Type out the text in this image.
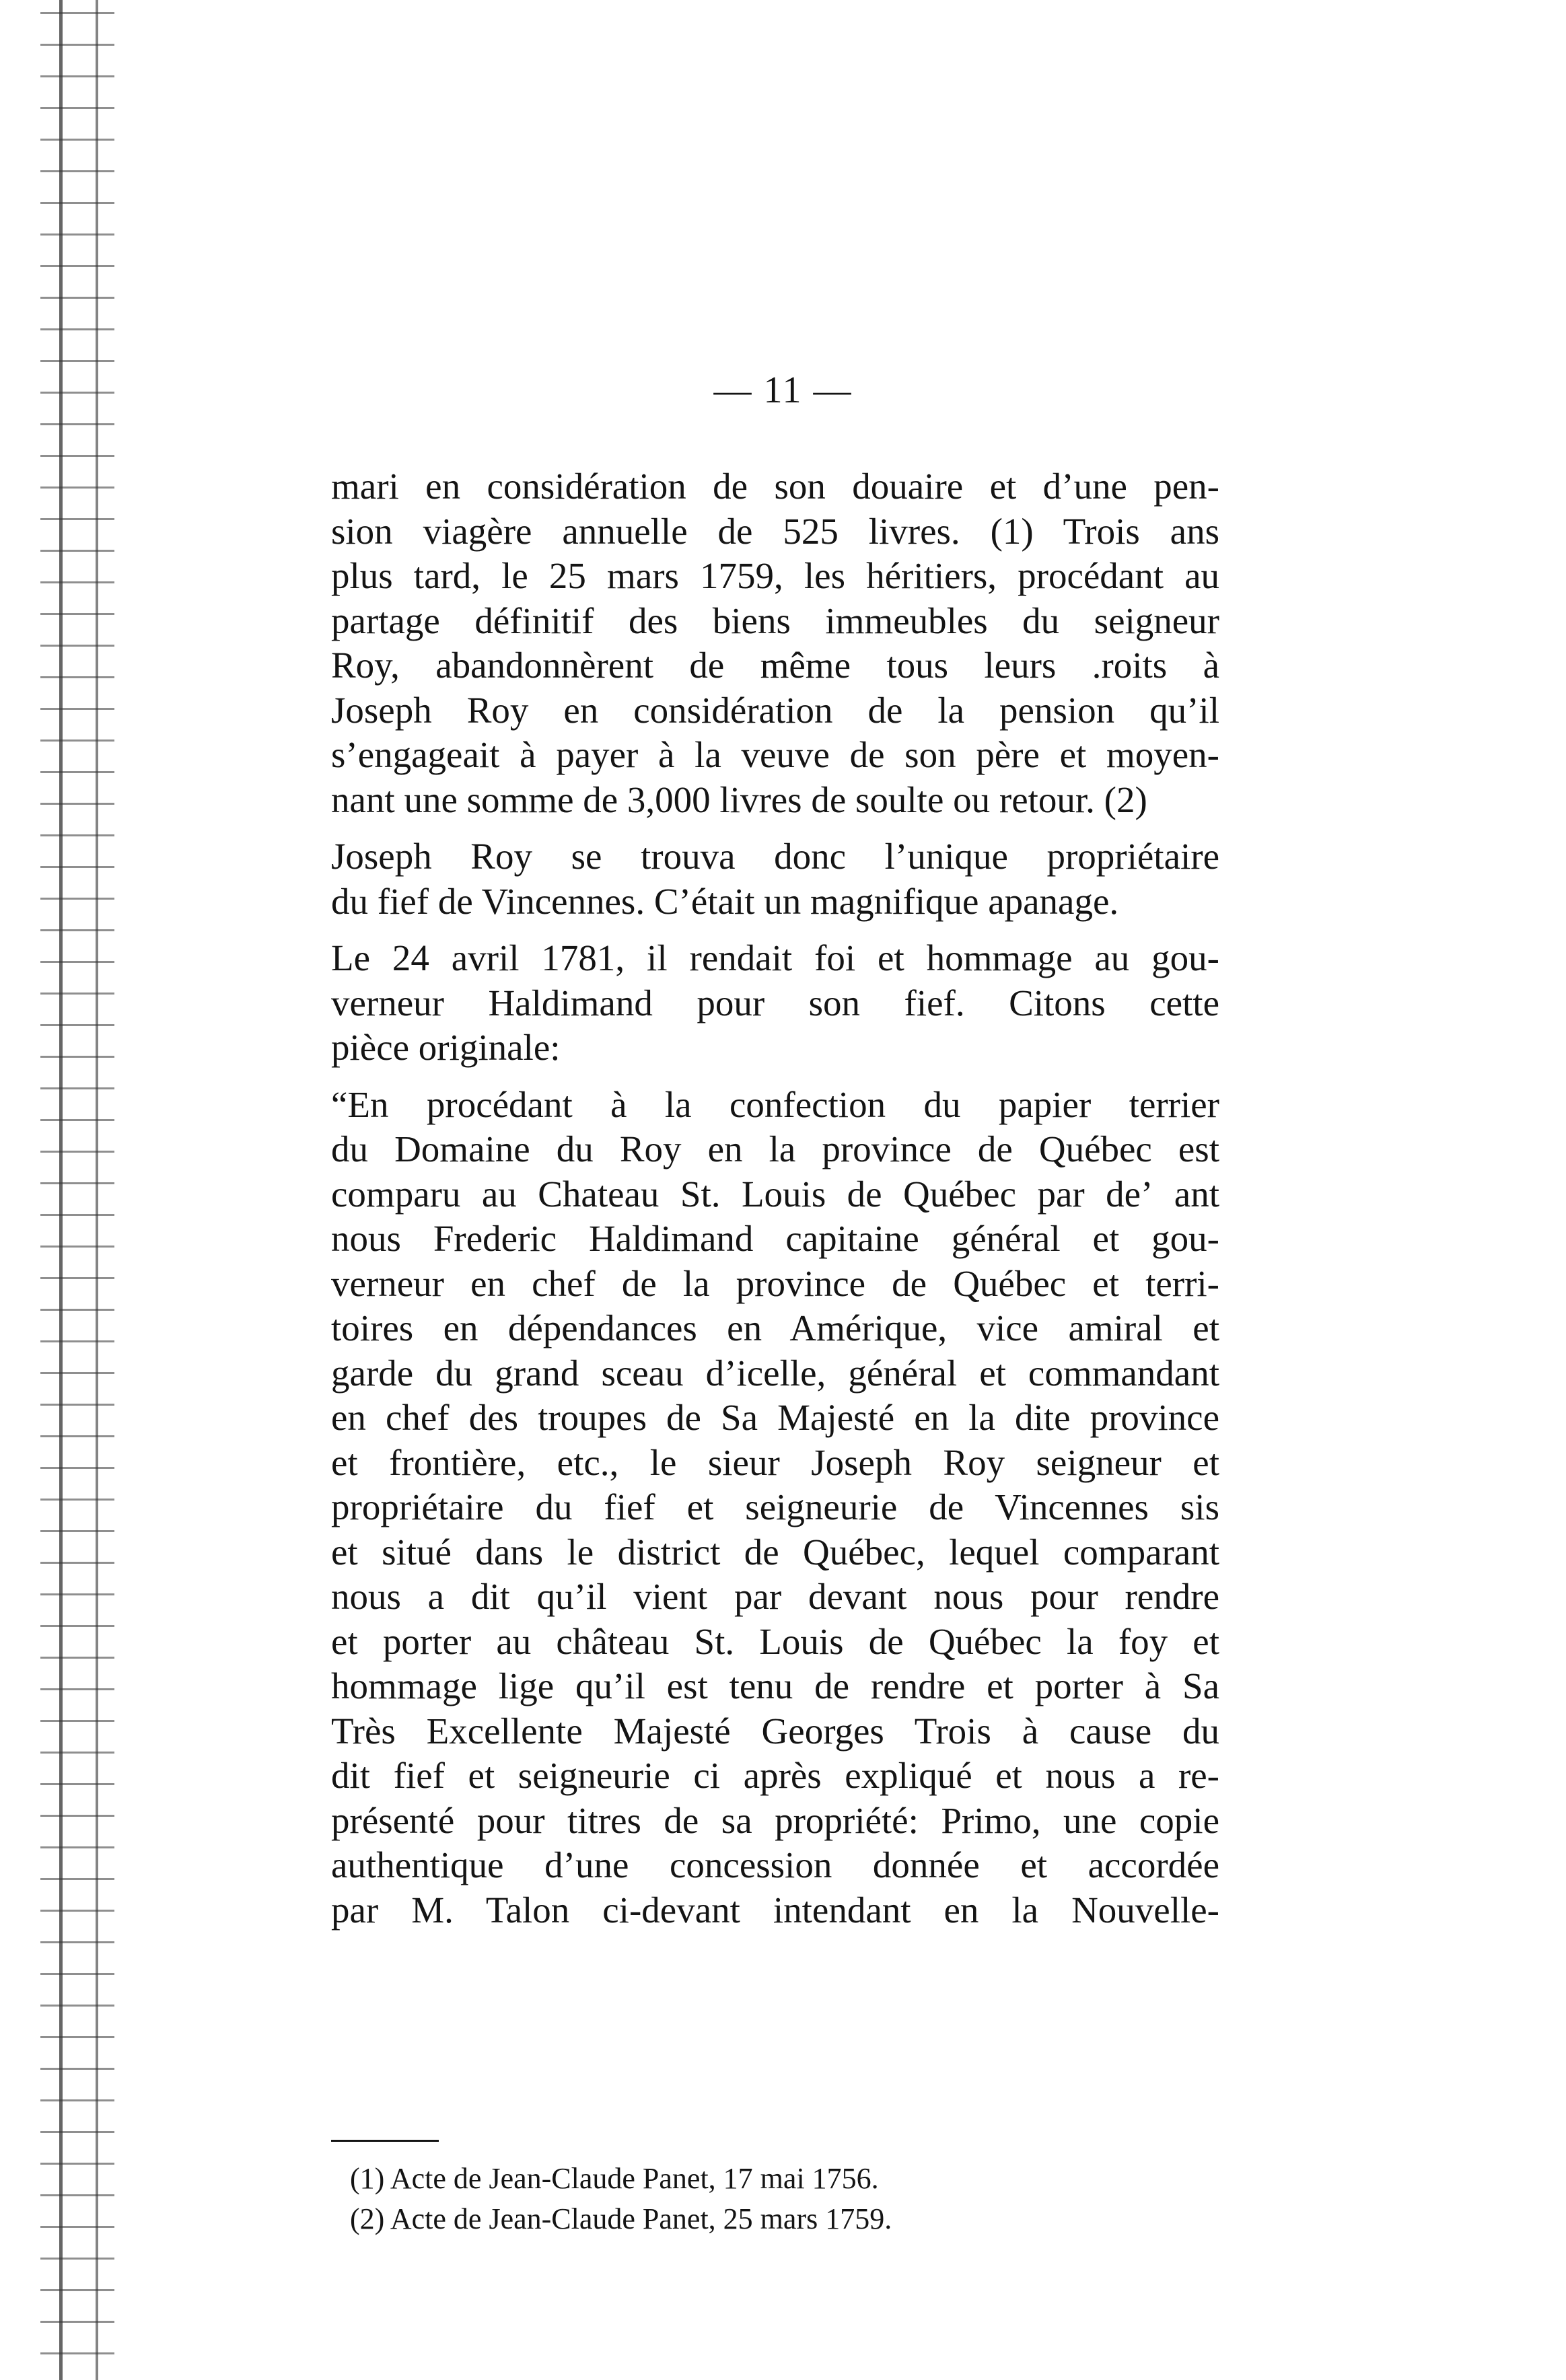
— 11 —
mari en considération de son douaire et d’une pen-
sion viagère annuelle de 525 livres. (1) Trois ans
plus tard, le 25 mars 1759, les héritiers, procédant au
partage définitif des biens immeubles du seigneur
Roy, abandonnèrent de même tous leurs .roits à
Joseph Roy en considération de la pension qu’il
s’engageait à payer à la veuve de son père et moyen-
nant une somme de 3,000 livres de soulte ou retour. (2)
Joseph Roy se trouva donc l’unique propriétaire
du fief de Vincennes. C’était un magnifique apanage.
Le 24 avril 1781, il rendait foi et hommage au gou-
verneur Haldimand pour son fief. Citons cette
pièce originale:
“En procédant à la confection du papier terrier
du Domaine du Roy en la province de Québec est
comparu au Chateau St. Louis de Québec par deʼ ant
nous Frederic Haldimand capitaine général et gou-
verneur en chef de la province de Québec et terri-
toires en dépendances en Amérique, vice amiral et
garde du grand sceau d’icelle, général et commandant
en chef des troupes de Sa Majesté en la dite province
et frontière, etc., le sieur Joseph Roy seigneur et
propriétaire du fief et seigneurie de Vincennes sis
et situé dans le district de Québec, lequel comparant
nous a dit qu’il vient par devant nous pour rendre
et porter au château St. Louis de Québec la foy et
hommage lige qu’il est tenu de rendre et porter à Sa
Très Excellente Majesté Georges Trois à cause du
dit fief et seigneurie ci après expliqué et nous a re-
présenté pour titres de sa propriété: Primo, une copie
authentique d’une concession donnée et accordée
par M. Talon ci-devant intendant en la Nouvelle-
(1) Acte de Jean-Claude Panet, 17 mai 1756.
(2) Acte de Jean-Claude Panet, 25 mars 1759.
